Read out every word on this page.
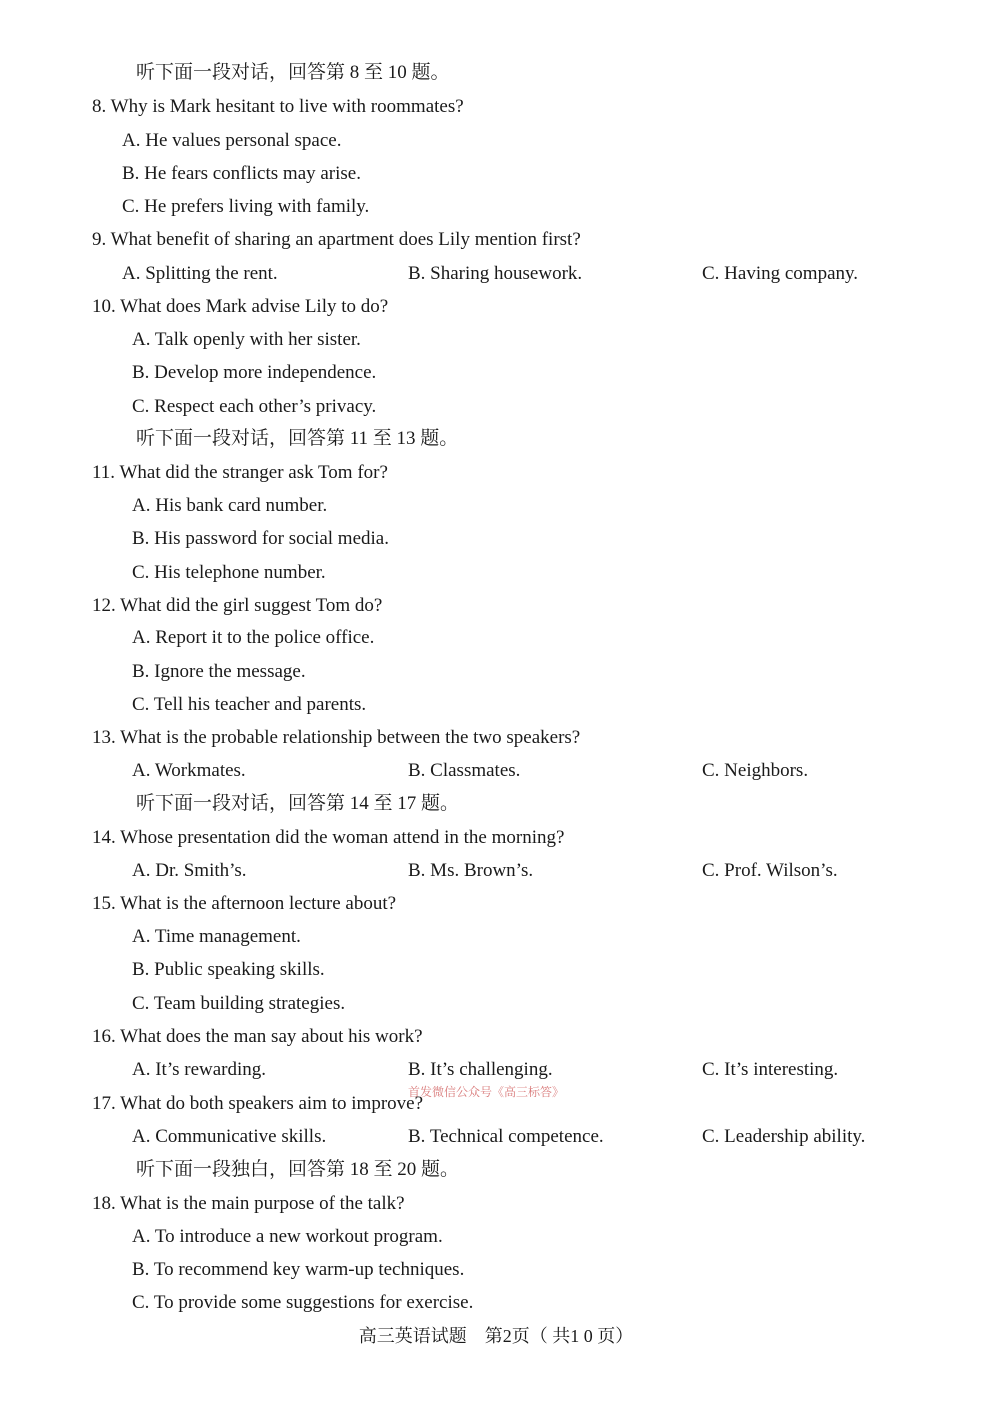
听下面一段对话，回答第 8 至 10 题。
8. Why is Mark hesitant to live with roommates?
A. He values personal space.
B. He fears conflicts may arise.
C. He prefers living with family.
9. What benefit of sharing an apartment does Lily mention first?
A. Splitting the rent.	B. Sharing housework.	C. Having company.
10. What does Mark advise Lily to do?
A. Talk openly with her sister.
B. Develop more independence.
C. Respect each other’s privacy.
听下面一段对话，回答第 11 至 13 题。
11. What did the stranger ask Tom for?
A. His bank card number.
B. His password for social media.
C. His telephone number.
12. What did the girl suggest Tom do?
A. Report it to the police office.
B. Ignore the message.
C. Tell his teacher and parents.
13. What is the probable relationship between the two speakers?
A. Workmates.	B. Classmates.	C. Neighbors.
听下面一段对话，回答第 14 至 17 题。
14. Whose presentation did the woman attend in the morning?
A. Dr. Smith’s.	B. Ms. Brown’s.	C. Prof. Wilson’s.
15. What is the afternoon lecture about?
A. Time management.
B. Public speaking skills.
C. Team building strategies.
16. What does the man say about his work?
A. It’s rewarding.	B. It’s challenging.	C. It’s interesting.
首发微信公众号《高三标答》
17. What do both speakers aim to improve?
A. Communicative skills.	B. Technical competence.	C. Leadership ability.
听下面一段独白，回答第 18 至 20 题。
18. What is the main purpose of the talk?
A. To introduce a new workout program.
B. To recommend key warm-up techniques.
C. To provide some suggestions for exercise.
高三英语试题　第2页（ 共1 0 页）
